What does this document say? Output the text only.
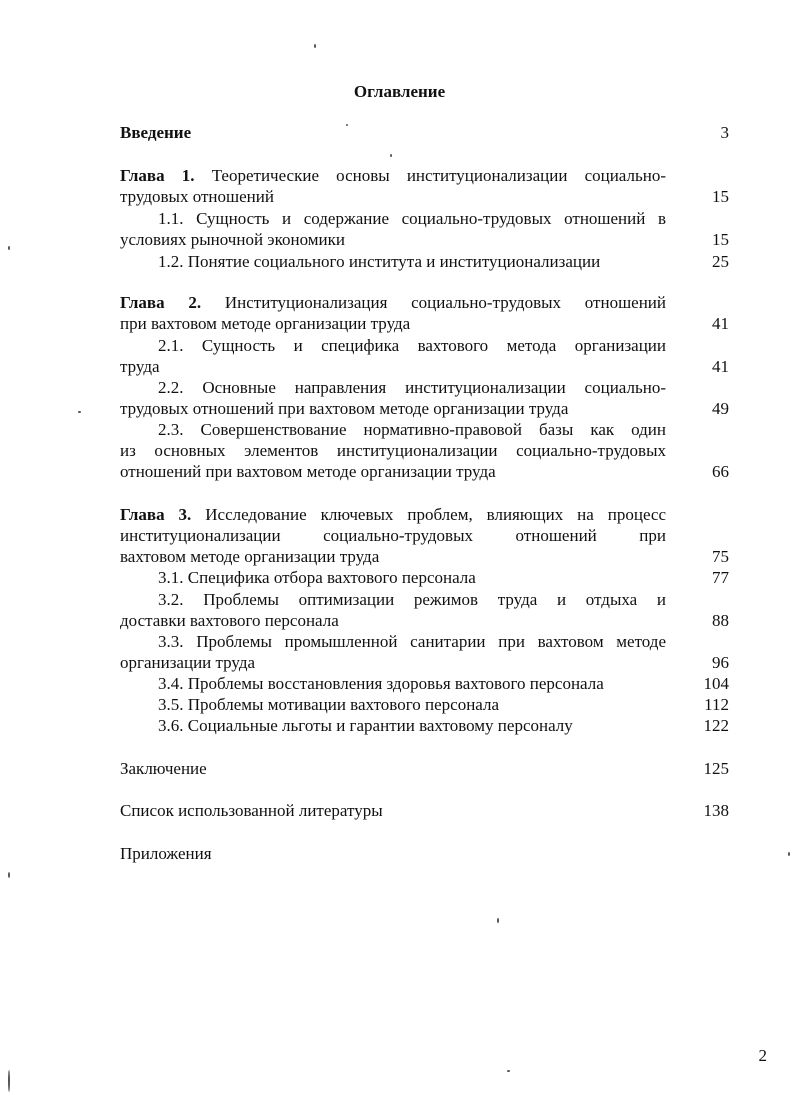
Оглавление
Введение	3
Глава 1. Теоретические основы институционализации социально-
трудовых отношений	15
1.1. Сущность и содержание социально-трудовых отношений в
условиях рыночной экономики	15
1.2. Понятие социального института и институционализации	25
Глава 2. Институционализация социально-трудовых отношений
при вахтовом методе организации труда	41
2.1. Сущность и специфика вахтового метода организации
труда	41
2.2. Основные направления институционализации социально-
трудовых отношений при вахтовом методе организации труда	49
2.3. Совершенствование нормативно-правовой базы как один
из основных элементов институционализации социально-трудовых
отношений при вахтовом методе организации труда	66
Глава 3. Исследование ключевых проблем, влияющих на процесс
институционализации социально-трудовых отношений при
вахтовом методе организации труда	75
3.1. Специфика отбора вахтового персонала	77
3.2. Проблемы оптимизации режимов труда и отдыха и
доставки вахтового персонала	88
3.3. Проблемы промышленной санитарии при вахтовом методе
организации труда	96
3.4. Проблемы восстановления здоровья вахтового персонала	104
3.5. Проблемы мотивации вахтового персонала	112
3.6. Социальные льготы и гарантии вахтовому персоналу	122
Заключение	125
Список использованной литературы	138
Приложения
2
